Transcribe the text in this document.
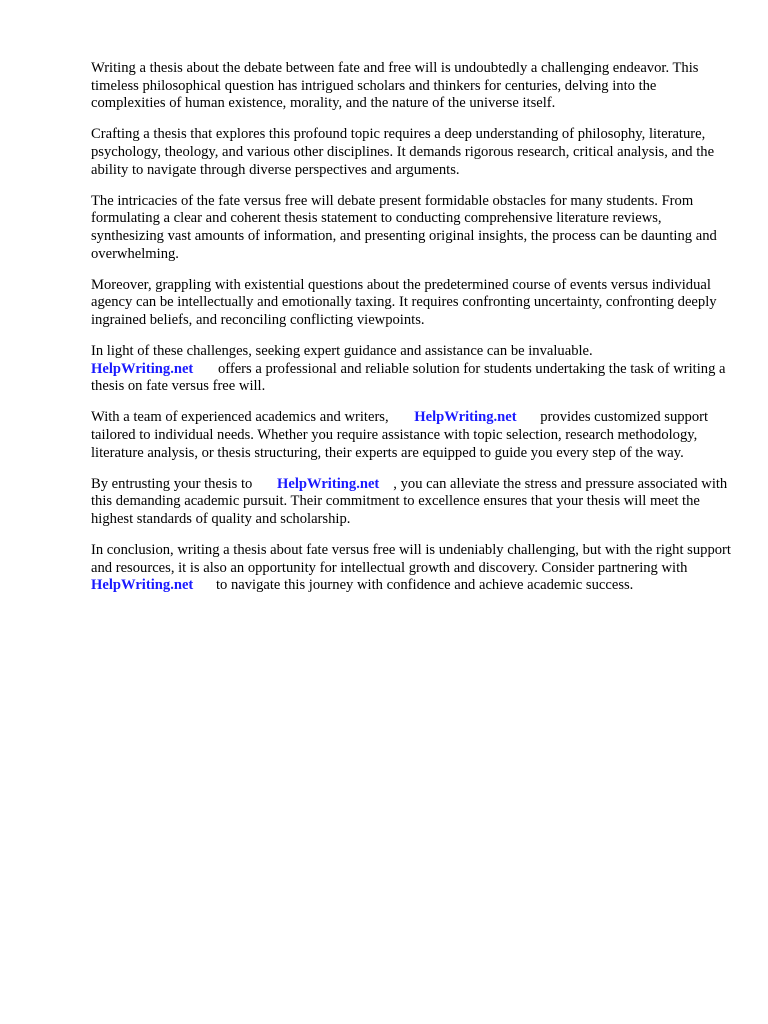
Writing a thesis about the debate between fate and free will is undoubtedly a challenging endeavor. This timeless philosophical question has intrigued scholars and thinkers for centuries, delving into the complexities of human existence, morality, and the nature of the universe itself.

Crafting a thesis that explores this profound topic requires a deep understanding of philosophy, literature, psychology, theology, and various other disciplines. It demands rigorous research, critical analysis, and the ability to navigate through diverse perspectives and arguments.

The intricacies of the fate versus free will debate present formidable obstacles for many students. From formulating a clear and coherent thesis statement to conducting comprehensive literature reviews, synthesizing vast amounts of information, and presenting original insights, the process can be daunting and overwhelming.

Moreover, grappling with existential questions about the predetermined course of events versus individual agency can be intellectually and emotionally taxing. It requires confronting uncertainty, confronting deeply ingrained beliefs, and reconciling conflicting viewpoints.

In light of these challenges, seeking expert guidance and assistance can be invaluable.
HelpWriting.net offers a professional and reliable solution for students undertaking the task of writing a thesis on fate versus free will.

With a team of experienced academics and writers, HelpWriting.net provides customized support tailored to individual needs. Whether you require assistance with topic selection, research methodology, literature analysis, or thesis structuring, their experts are equipped to guide you every step of the way.

By entrusting your thesis to HelpWriting.net , you can alleviate the stress and pressure associated with this demanding academic pursuit. Their commitment to excellence ensures that your thesis will meet the highest standards of quality and scholarship.

In conclusion, writing a thesis about fate versus free will is undeniably challenging, but with the right support and resources, it is also an opportunity for intellectual growth and discovery. Consider partnering with HelpWriting.net to navigate this journey with confidence and achieve academic success.
